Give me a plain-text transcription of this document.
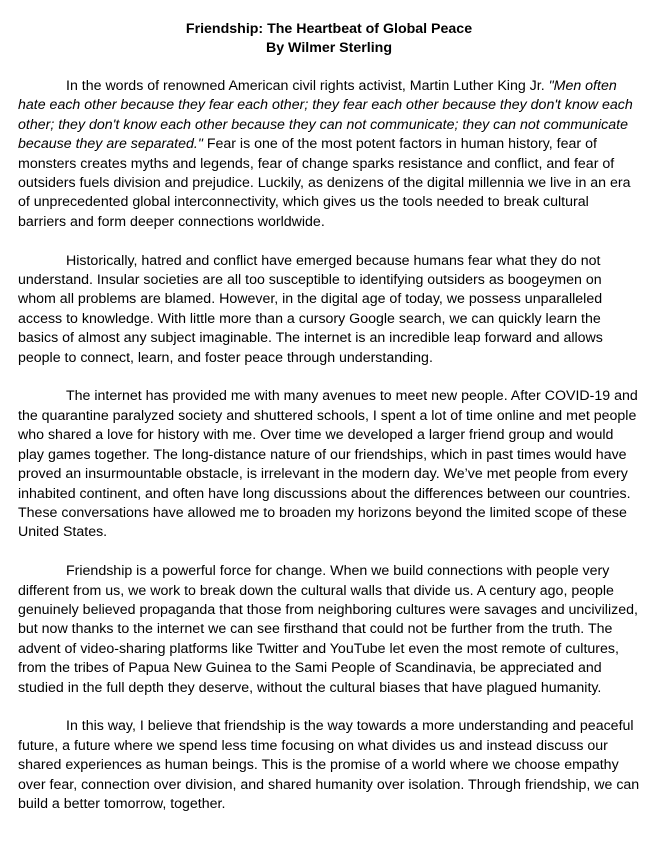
Friendship: The Heartbeat of Global Peace
By Wilmer Sterling

In the words of renowned American civil rights activist, Martin Luther King Jr. "Men often hate each other because they fear each other; they fear each other because they don't know each other; they don't know each other because they can not communicate; they can not communicate because they are separated." Fear is one of the most potent factors in human history, fear of monsters creates myths and legends, fear of change sparks resistance and conflict, and fear of outsiders fuels division and prejudice. Luckily, as denizens of the digital millennia we live in an era of unprecedented global interconnectivity, which gives us the tools needed to break cultural barriers and form deeper connections worldwide.

Historically, hatred and conflict have emerged because humans fear what they do not understand. Insular societies are all too susceptible to identifying outsiders as boogeymen on whom all problems are blamed. However, in the digital age of today, we possess unparalleled access to knowledge. With little more than a cursory Google search, we can quickly learn the basics of almost any subject imaginable. The internet is an incredible leap forward and allows people to connect, learn, and foster peace through understanding.

The internet has provided me with many avenues to meet new people. After COVID-19 and the quarantine paralyzed society and shuttered schools, I spent a lot of time online and met people who shared a love for history with me. Over time we developed a larger friend group and would play games together. The long-distance nature of our friendships, which in past times would have proved an insurmountable obstacle, is irrelevant in the modern day. We’ve met people from every inhabited continent, and often have long discussions about the differences between our countries. These conversations have allowed me to broaden my horizons beyond the limited scope of these United States.

Friendship is a powerful force for change. When we build connections with people very different from us, we work to break down the cultural walls that divide us. A century ago, people genuinely believed propaganda that those from neighboring cultures were savages and uncivilized, but now thanks to the internet we can see firsthand that could not be further from the truth. The advent of video-sharing platforms like Twitter and YouTube let even the most remote of cultures, from the tribes of Papua New Guinea to the Sami People of Scandinavia, be appreciated and studied in the full depth they deserve, without the cultural biases that have plagued humanity.

In this way, I believe that friendship is the way towards a more understanding and peaceful future, a future where we spend less time focusing on what divides us and instead discuss our shared experiences as human beings. This is the promise of a world where we choose empathy over fear, connection over division, and shared humanity over isolation. Through friendship, we can build a better tomorrow, together.
